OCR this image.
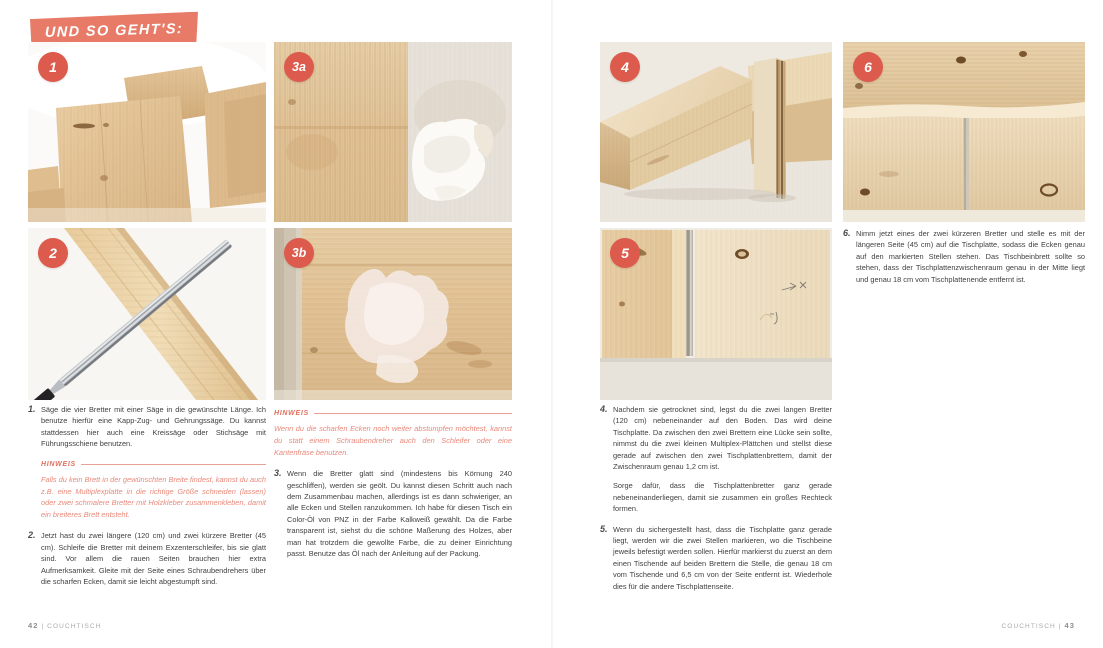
UND SO GEHT'S:
1
2
3a
3b
4
5
6
1. Säge die vier Bretter mit einer Säge in die gewünschte Länge. Ich benutze hierfür eine Kapp-Zug- und Gehrungssäge. Du kannst stattdessen hier auch eine Kreissäge oder Stichsäge mit Führungsschiene benutzen.

HINWEIS

Falls du kein Brett in der gewünschten Breite findest, kannst du auch z.B. eine Multiplexplatte in die richtige Größe schneiden (lassen) oder zwei schmalere Bretter mit Holzkleber zusammenkleben, damit ein breiteres Brett entsteht.

2. Jetzt hast du zwei längere (120 cm) und zwei kürzere Bretter (45 cm). Schleife die Bretter mit deinem Exzenterschleifer, bis sie glatt sind. Vor allem die rauen Seiten brauchen hier extra Aufmerksamkeit. Gleite mit der Seite eines Schraubendrehers über die scharfen Ecken, damit sie leicht abgestumpft sind.

HINWEIS

Wenn du die scharfen Ecken noch weiter abstumpfen möchtest, kannst du statt einem Schraubendreher auch den Schleifer oder eine Kantenfräse benutzen.

3. Wenn die Bretter glatt sind (mindestens bis Körnung 240 geschliffen), werden sie geölt. Du kannst diesen Schritt auch nach dem Zusammenbau machen, allerdings ist es dann schwieriger, an alle Ecken und Stellen ranzukommen. Ich habe für diesen Tisch ein Color-Öl von PNZ in der Farbe Kalkweiß gewählt. Da die Farbe transparent ist, siehst du die schöne Maßerung des Holzes, aber man hat trotzdem die gewollte Farbe, die zu deiner Einrichtung passt. Benutze das Öl nach der Anleitung auf der Packung.

4. Nachdem sie getrocknet sind, legst du die zwei langen Bretter (120 cm) nebeneinander auf den Boden. Das wird deine Tischplatte. Da zwischen den zwei Brettern eine Lücke sein sollte, nimmst du die zwei kleinen Multiplex-Plättchen und stellst diese gerade auf zwischen den zwei Tischplattenbrettern, damit der Zwischenraum genau 1,2 cm ist.

Sorge dafür, dass die Tischplattenbretter ganz gerade nebeneinanderliegen, damit sie zusammen ein großes Rechteck formen.

5. Wenn du sichergestellt hast, dass die Tischplatte ganz gerade liegt, werden wir die zwei Stellen markieren, wo die Tischbeine jeweils befestigt werden sollen. Hierfür markierst du zuerst an dem einen Tischende auf beiden Brettern die Stelle, die genau 18 cm vom Tischende und 6,5 cm von der Seite entfernt ist. Wiederhole dies für die andere Tischplattenseite.

6. Nimm jetzt eines der zwei kürzeren Bretter und stelle es mit der längeren Seite (45 cm) auf die Tischplatte, sodass die Ecken genau auf den markierten Stellen stehen. Das Tischbeinbrett sollte so stehen, dass der Tischplattenzwischenraum genau in der Mitte liegt und genau 18 cm vom Tischplattenende entfernt ist.

42 | COUCHTISCH	COUCHTISCH | 43
